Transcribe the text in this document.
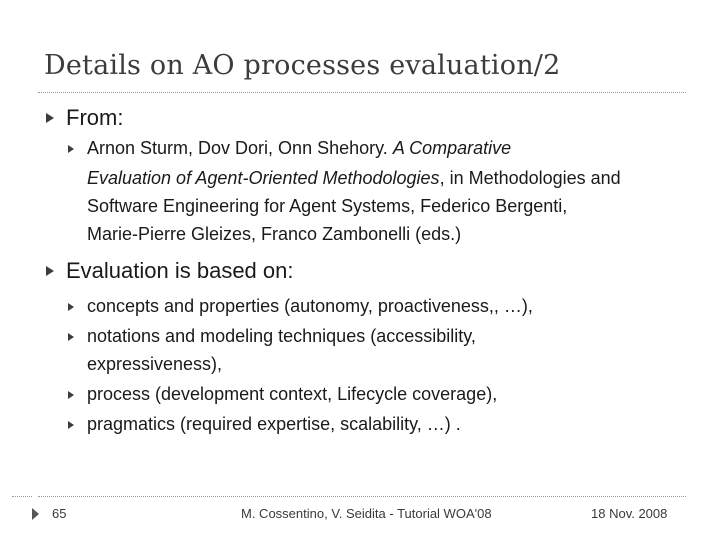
Details on AO processes evaluation/2
From:
Arnon Sturm, Dov Dori, Onn Shehory. A Comparative
Evaluation of Agent-Oriented Methodologies, in Methodologies and
Software Engineering for Agent Systems, Federico Bergenti,
Marie-Pierre Gleizes, Franco Zambonelli (eds.)
Evaluation is based on:
concepts and properties (autonomy, proactiveness,, …),
notations and modeling techniques (accessibility,
expressiveness),
process (development context, Lifecycle coverage),
pragmatics (required expertise, scalability, …) .
65	M. Cossentino, V. Seidita - Tutorial WOA'08	18 Nov. 2008
